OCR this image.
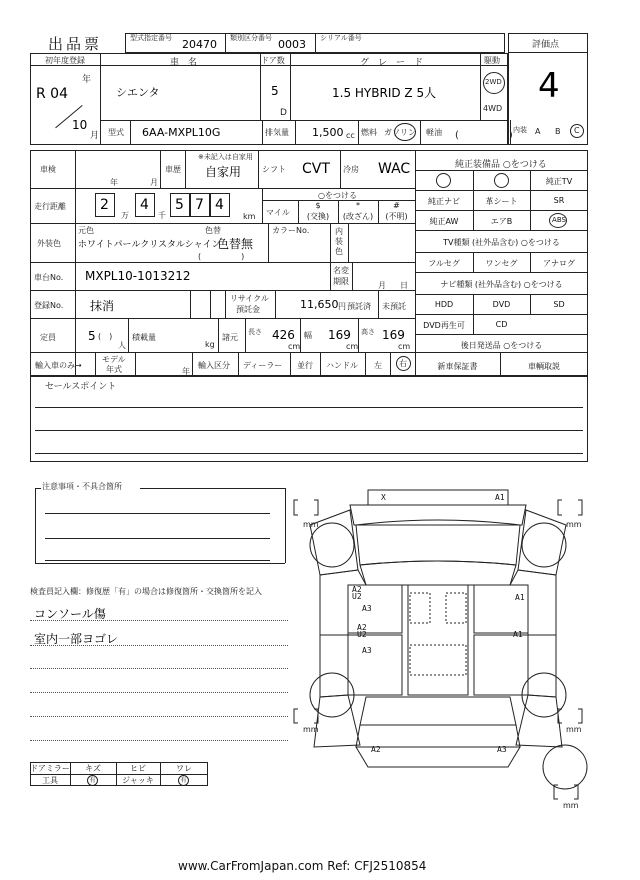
出品票	型式指定番号 20470 類別区分番号 0003 シリアル番号
評価点
4
初年度登録
年
R 04
10
月
車　名
シエンタ
ドア数
5
D
グ　レ　ー　ド
1.5 HYBRID Z 5人
駆動
2WD
4WD
型式 6AA-MXPL10G	排気量 1,500 cc 燃料 ガソリン 軽油 (　　　　　) 内装 A B C
車検
年	月
車歴
※未記入は自家用
自家用	シフト CVT 冷房 WAC
走行距離 2
万
4
千
5 7 4
km
○をつける
マイル
$
(交換)
*
(改ざん)
#
(不明)
外装色
元色
ホワイトパールクリスタルシャイン
色替
色替無
(　　　　　)
カラーNo.	内
装
色
車台No. MXPL10-1013212	名変
期限	月 日
登録No. 抹消
リサイクル
預託金	11,650 円 預託済 未預託
定員	5 (　)
人
積載量
kg
諸元
長さ 426
cm
幅 169
cm
高さ 169
cm
輸入車のみ→
モデル
年式	年
輸入区分 ディーラー 並行 ハンドル 左 右
純正装備品 ○をつける
純正TV
純正ナビ	革シート	SR
純正AW	エアB	ABS
TV種類 (社外品含む) ○をつける
フルセグ	ワンセグ	アナログ
ナビ種類 (社外品含む) ○をつける
HDD	DVD	SD
DVD再生可	CD
後日発送品 ○をつける
新車保証書	車輌取説
セールスポイント
注意事項・不具合箇所
検査員記入欄：修復歴「有」の場合は修復箇所・交換箇所を記入
コンソール傷
室内一部ヨゴレ
ドアミラー	キズ	ヒビ	ワレ
工具	有	ジャッキ	有
X	A1
A2
U2
A3
A2
U2
A3
A1
A1
A2	A3
mm	mm
mm	mm
mm
www.CarFromJapan.com Ref: CFJ2510854
